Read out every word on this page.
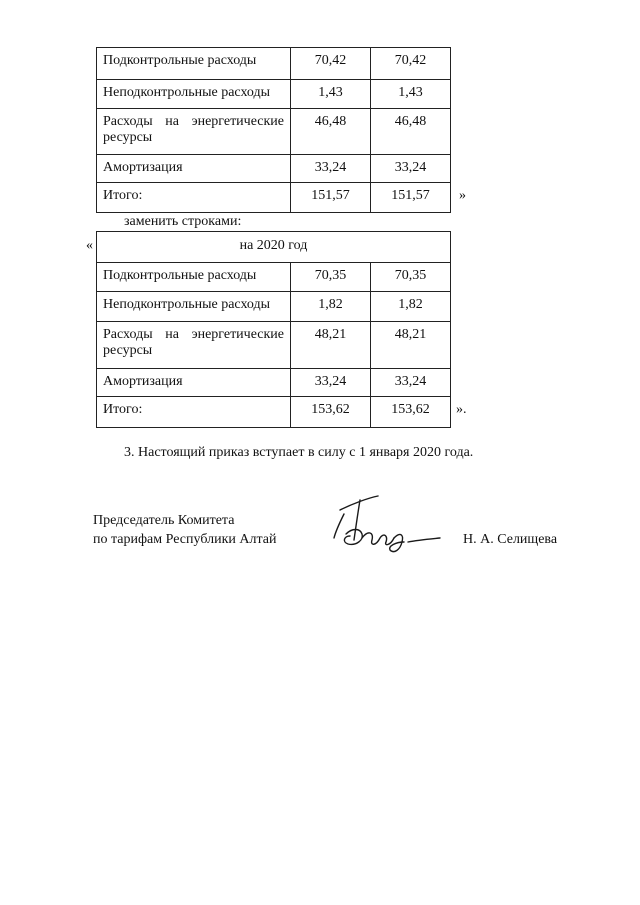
Подконтрольные расходы	70,42	70,42
Неподконтрольные расходы	1,43	1,43

Расходы на энергетические
ресурсы	46,48	46,48
Амортизация	33,24	33,24
Итого:	151,57	151,57 »
заменить строками:
«	на 2020 год		
Подконтрольные расходы	70,35	70,35
Неподконтрольные расходы	1,82	1,82

Расходы на энергетические
ресурсы	48,21	48,21
Амортизация	33,24	33,24
Итого:	153,62	153,62 ».
3. Настоящий приказ вступает в силу с 1 января 2020 года.
Председатель Комитета
по тарифам Республики Алтай	Н. А. Селищева
